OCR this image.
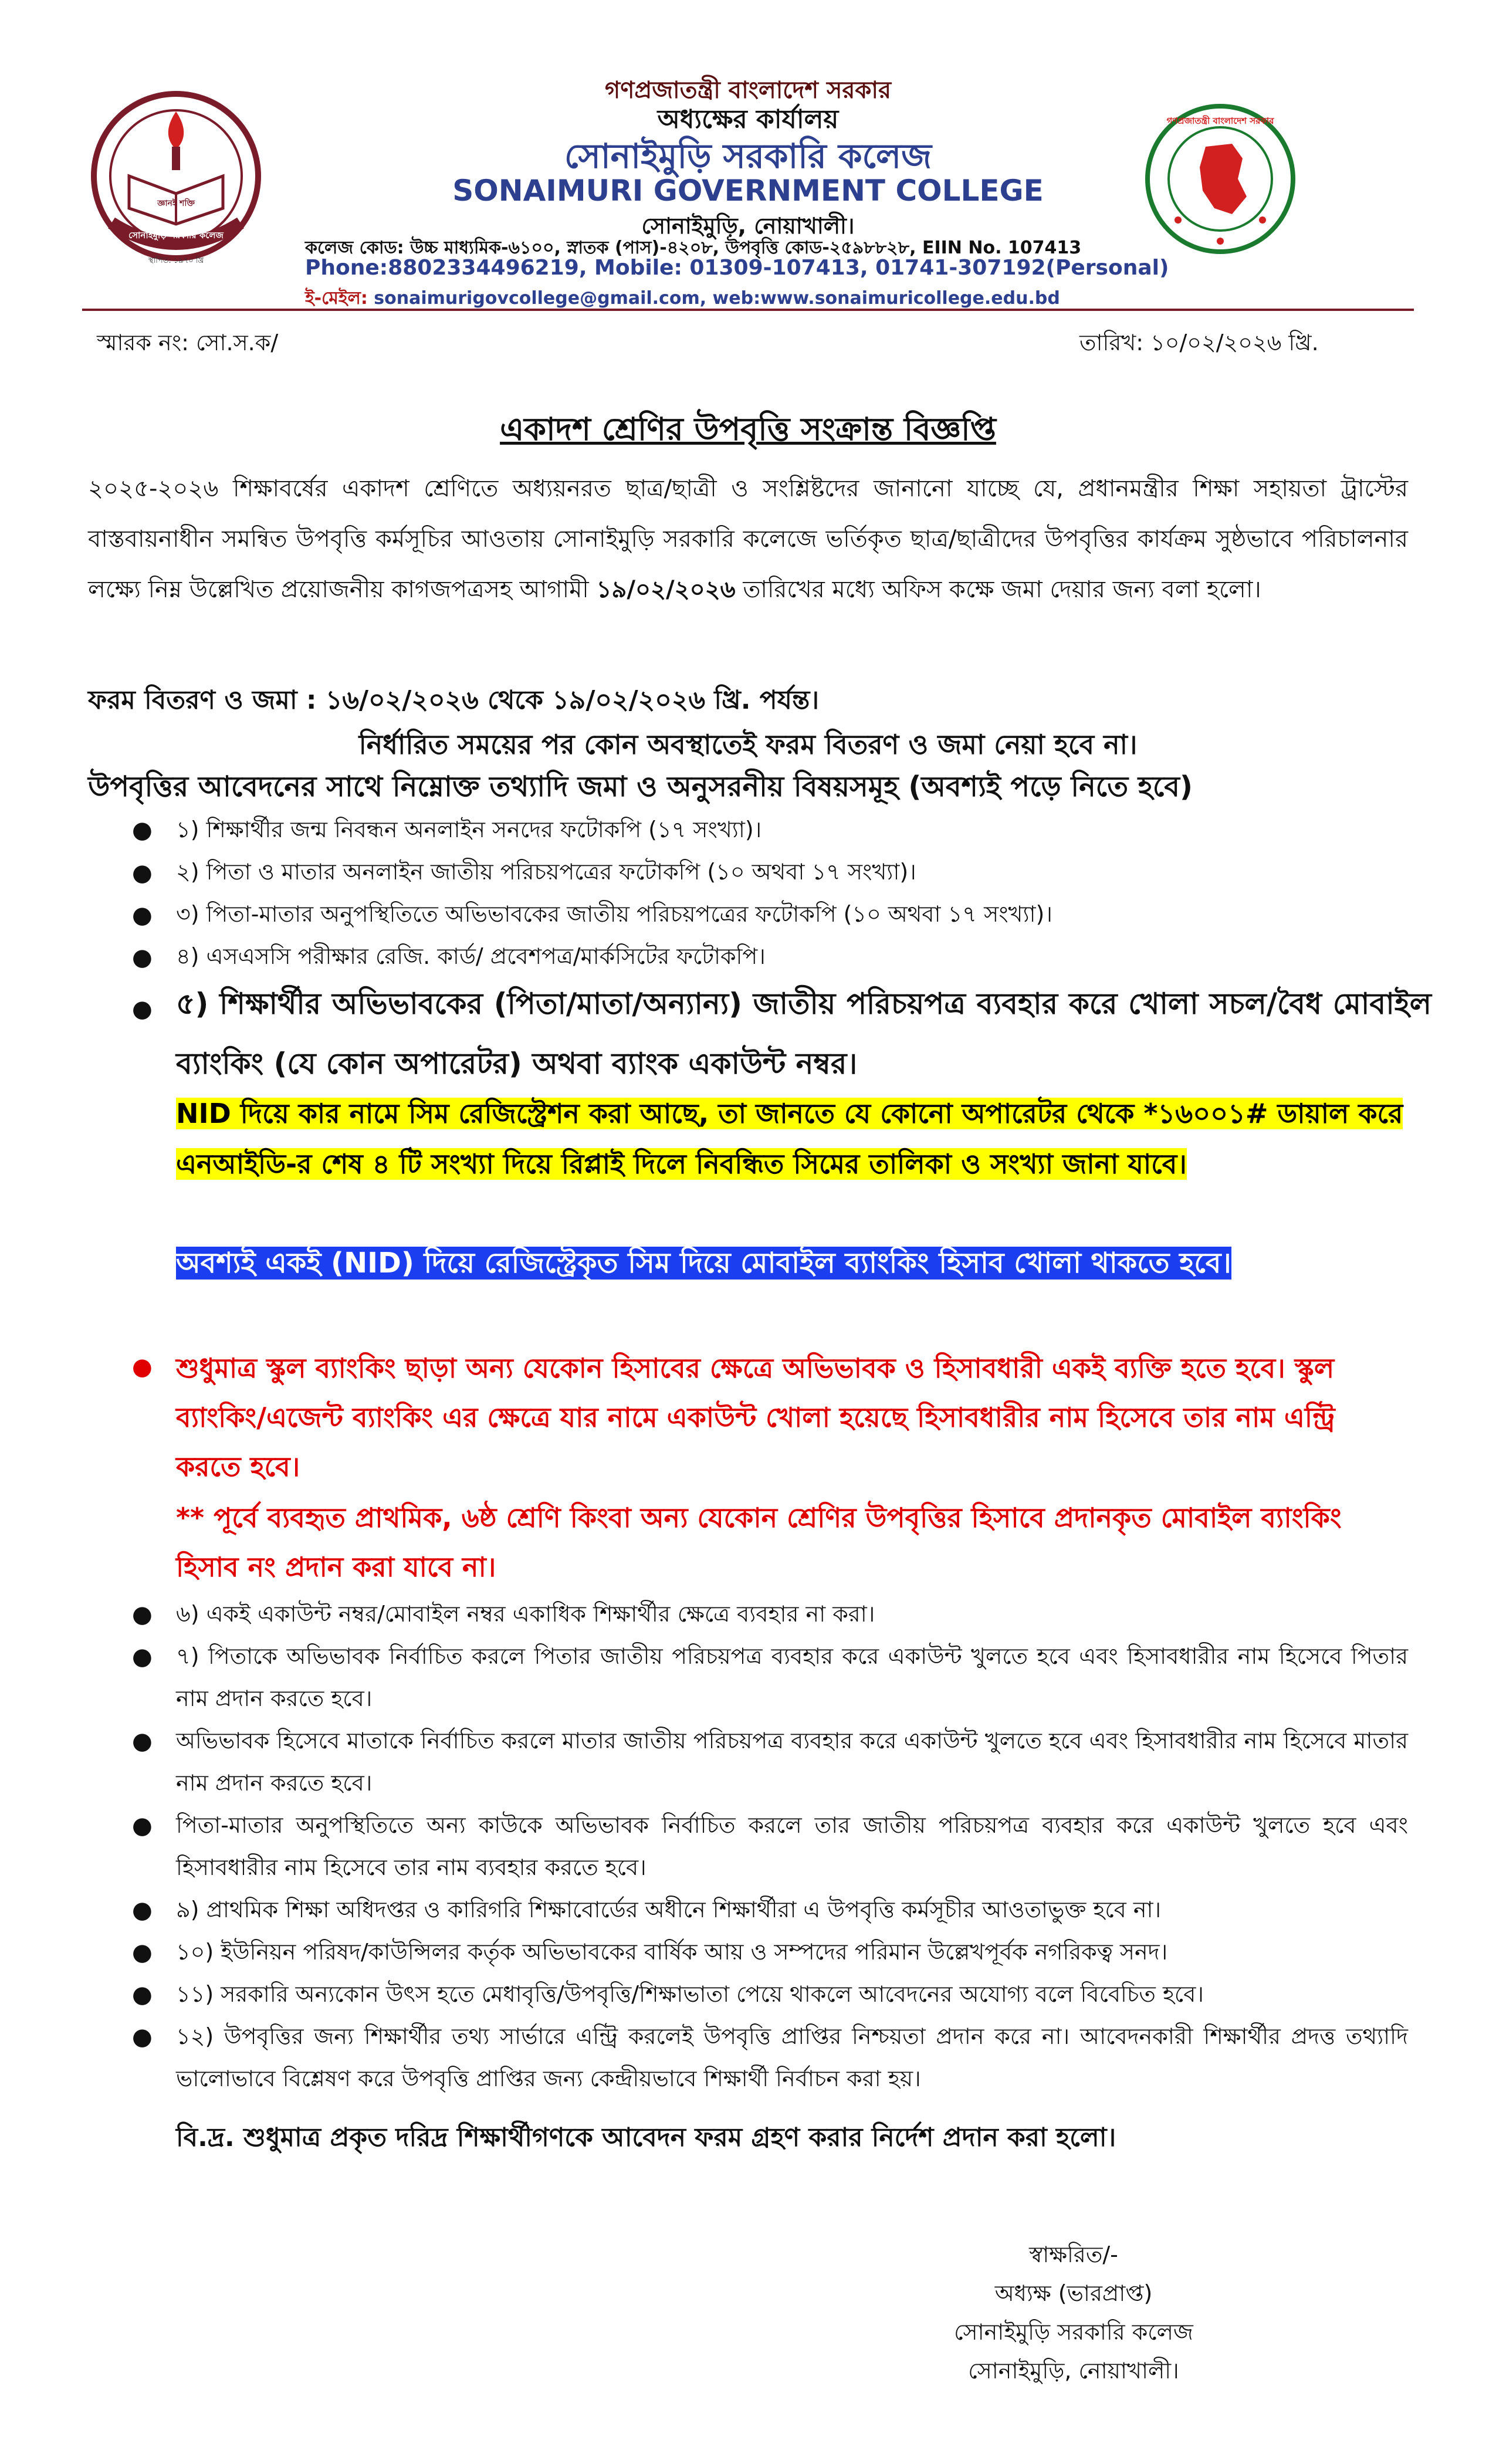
গণপ্রজাতন্ত্রী বাংলাদেশ সরকার
অধ্যক্ষের কার্যালয়
সোনাইমুড়ি সরকারি কলেজ
SONAIMURI GOVERNMENT COLLEGE
সোনাইমুড়ি, নোয়াখালী।
কলেজ কোড: উচ্চ মাধ্যমিক-৬১০০, স্নাতক (পাস)-৪২০৮, উপবৃত্তি কোড-২৫৯৮৮২৮, EIIN No. 107413
Phone:8802334496219, Mobile: 01309-107413, 01741-307192(Personal)
ই-মেইল: sonaimurigovcollege@gmail.com, web:www.sonaimuricollege.edu.bd
জ্ঞানই শক্তি
সোনাইমুড়ি সরকারি কলেজ
স্থাপিত: ১৯৭০ খ্রি
গণপ্রজাতন্ত্রী বাংলাদেশ সরকার
স্মারক নং: সো.স.ক/	তারিখ: ১০/০২/২০২৬ খ্রি.
একাদশ শ্রেণির উপবৃত্তি সংক্রান্ত বিজ্ঞপ্তি
২০২৫-২০২৬ শিক্ষাবর্ষের একাদশ শ্রেণিতে অধ্যয়নরত ছাত্র/ছাত্রী ও সংশ্লিষ্টদের জানানো যাচ্ছে যে, প্রধানমন্ত্রীর শিক্ষা সহায়তা ট্রাস্টের বাস্তবায়নাধীন সমন্বিত উপবৃত্তি কর্মসূচির আওতায় সোনাইমুড়ি সরকারি কলেজে ভর্তিকৃত ছাত্র/ছাত্রীদের উপবৃত্তির কার্যক্রম সুষ্ঠভাবে পরিচালনার লক্ষ্যে নিম্ন উল্লেখিত প্রয়োজনীয় কাগজপত্রসহ আগামী ১৯/০২/২০২৬ তারিখের মধ্যে অফিস কক্ষে জমা দেয়ার জন্য বলা হলো।
ফরম বিতরণ ও জমা : ১৬/০২/২০২৬ থেকে ১৯/০২/২০২৬ খ্রি. পর্যন্ত।
নির্ধারিত সময়ের পর কোন অবস্থাতেই ফরম বিতরণ ও জমা নেয়া হবে না।
উপবৃত্তির আবেদনের সাথে নিম্নোক্ত তথ্যাদি জমা ও অনুসরনীয় বিষয়সমূহ (অবশ্যই পড়ে নিতে হবে)
● ১) শিক্ষার্থীর জন্ম নিবন্ধন অনলাইন সনদের ফটোকপি (১৭ সংখ্যা)।
● ২) পিতা ও মাতার অনলাইন জাতীয় পরিচয়পত্রের ফটোকপি (১০ অথবা ১৭ সংখ্যা)।
● ৩) পিতা-মাতার অনুপস্থিতিতে অভিভাবকের জাতীয় পরিচয়পত্রের ফটোকপি (১০ অথবা ১৭ সংখ্যা)।
● ৪) এসএসসি পরীক্ষার রেজি. কার্ড/ প্রবেশপত্র/মার্কসিটের ফটোকপি।
● ৫) শিক্ষার্থীর অভিভাবকের (পিতা/মাতা/অন্যান্য) জাতীয় পরিচয়পত্র ব্যবহার করে খোলা সচল/বৈধ মোবাইল ব্যাংকিং (যে কোন অপারেটর) অথবা ব্যাংক একাউন্ট নম্বর।
NID দিয়ে কার নামে সিম রেজিস্ট্রেশন করা আছে, তা জানতে যে কোনো অপারেটর থেকে *১৬০০১# ডায়াল করে এনআইডি-র শেষ ৪ টি সংখ্যা দিয়ে রিপ্লাই দিলে নিবন্ধিত সিমের তালিকা ও সংখ্যা জানা যাবে।
অবশ্যই একই (NID) দিয়ে রেজিস্ট্রেকৃত সিম দিয়ে মোবাইল ব্যাংকিং হিসাব খোলা থাকতে হবে।
● শুধুমাত্র স্কুল ব্যাংকিং ছাড়া অন্য যেকোন হিসাবের ক্ষেত্রে অভিভাবক ও হিসাবধারী একই ব্যক্তি হতে হবে। স্কুল ব্যাংকিং/এজেন্ট ব্যাংকিং এর ক্ষেত্রে যার নামে একাউন্ট খোলা হয়েছে হিসাবধারীর নাম হিসেবে তার নাম এন্ট্রি করতে হবে।
** পূর্বে ব্যবহৃত প্রাথমিক, ৬ষ্ঠ শ্রেণি কিংবা অন্য যেকোন শ্রেণির উপবৃত্তির হিসাবে প্রদানকৃত মোবাইল ব্যাংকিং হিসাব নং প্রদান করা যাবে না।
● ৬) একই একাউন্ট নম্বর/মোবাইল নম্বর একাধিক শিক্ষার্থীর ক্ষেত্রে ব্যবহার না করা।
● ৭) পিতাকে অভিভাবক নির্বাচিত করলে পিতার জাতীয় পরিচয়পত্র ব্যবহার করে একাউন্ট খুলতে হবে এবং হিসাবধারীর নাম হিসেবে পিতার নাম প্রদান করতে হবে।
● অভিভাবক হিসেবে মাতাকে নির্বাচিত করলে মাতার জাতীয় পরিচয়পত্র ব্যবহার করে একাউন্ট খুলতে হবে এবং হিসাবধারীর নাম হিসেবে মাতার নাম প্রদান করতে হবে।
● পিতা-মাতার অনুপস্থিতিতে অন্য কাউকে অভিভাবক নির্বাচিত করলে তার জাতীয় পরিচয়পত্র ব্যবহার করে একাউন্ট খুলতে হবে এবং হিসাবধারীর নাম হিসেবে তার নাম ব্যবহার করতে হবে।
● ৯) প্রাথমিক শিক্ষা অধিদপ্তর ও কারিগরি শিক্ষাবোর্ডের অধীনে শিক্ষার্থীরা এ উপবৃত্তি কর্মসূচীর আওতাভুক্ত হবে না।
● ১০) ইউনিয়ন পরিষদ/কাউন্সিলর কর্তৃক অভিভাবকের বার্ষিক আয় ও সম্পদের পরিমান উল্লেখপূর্বক নগরিকত্ব সনদ।
● ১১) সরকারি অন্যকোন উৎস হতে মেধাবৃত্তি/উপবৃত্তি/শিক্ষাভাতা পেয়ে থাকলে আবেদনের অযোগ্য বলে বিবেচিত হবে।
● ১২) উপবৃত্তির জন্য শিক্ষার্থীর তথ্য সার্ভারে এন্ট্রি করলেই উপবৃত্তি প্রাপ্তির নিশ্চয়তা প্রদান করে না। আবেদনকারী শিক্ষার্থীর প্রদত্ত তথ্যাদি ভালোভাবে বিশ্লেষণ করে উপবৃত্তি প্রাপ্তির জন্য কেন্দ্রীয়ভাবে শিক্ষার্থী নির্বাচন করা হয়।
বি.দ্র. শুধুমাত্র প্রকৃত দরিদ্র শিক্ষার্থীগণকে আবেদন ফরম গ্রহণ করার নির্দেশ প্রদান করা হলো।
স্বাক্ষরিত/-
অধ্যক্ষ (ভারপ্রাপ্ত)
সোনাইমুড়ি সরকারি কলেজ
সোনাইমুড়ি, নোয়াখালী।
